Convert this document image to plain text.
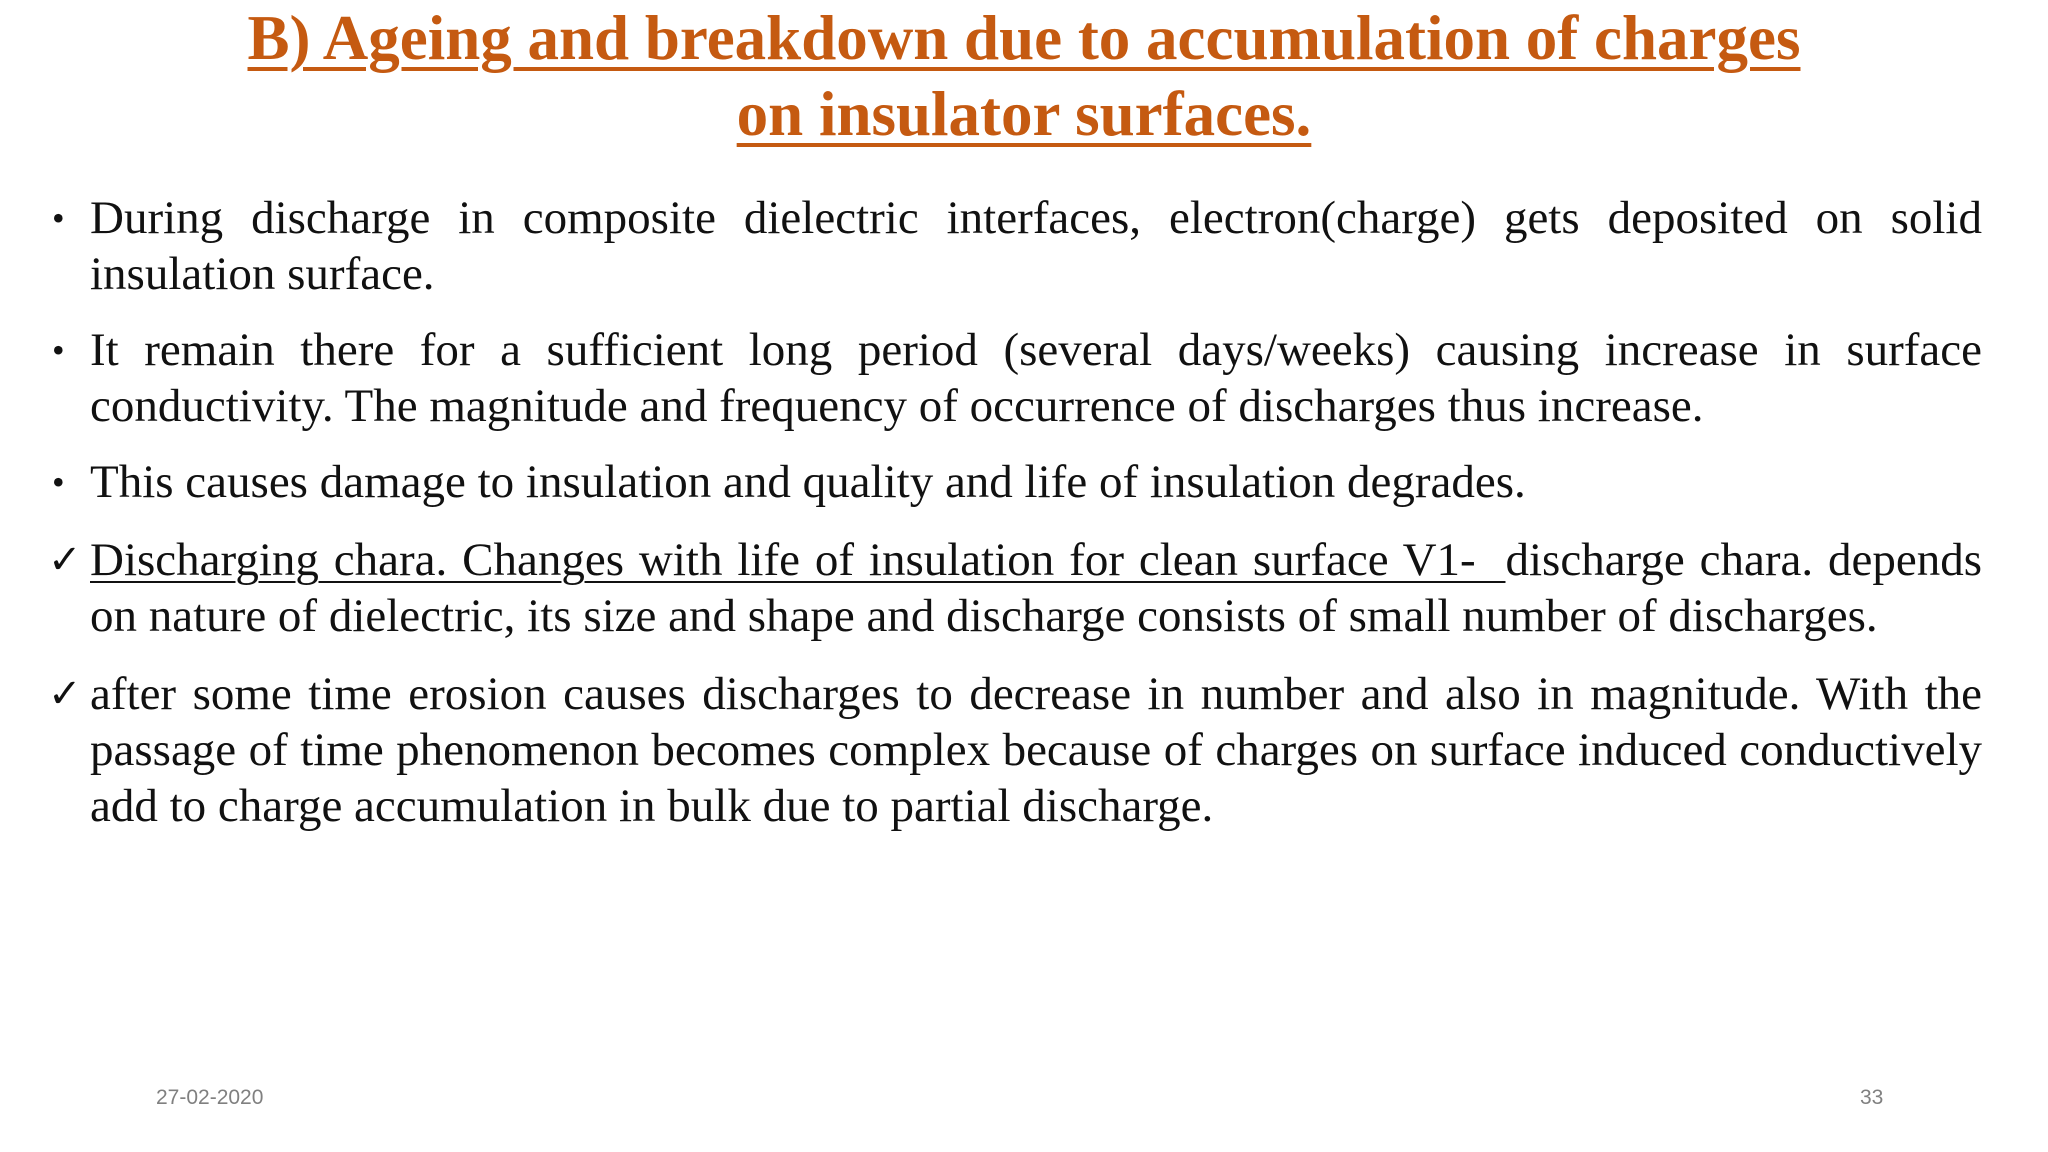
B) Ageing and breakdown due to accumulation of charges
on insulator surfaces.
• During discharge in composite dielectric interfaces, electron(charge) gets deposited on solid insulation surface.
• It remain there for a sufficient long period (several days/weeks) causing increase in surface conductivity. The magnitude and frequency of occurrence of discharges thus increase.
• This causes damage to insulation and quality and life of insulation degrades.
✓ Discharging chara. Changes with life of insulation for clean surface V1-  discharge chara. depends on nature of dielectric, its size and shape and discharge consists of small number of discharges.
✓ after some time erosion causes discharges to decrease in number and also in magnitude. With the passage of time phenomenon becomes complex because of charges on surface induced conductively add to charge accumulation in bulk due to partial discharge.
27-02-2020	33
